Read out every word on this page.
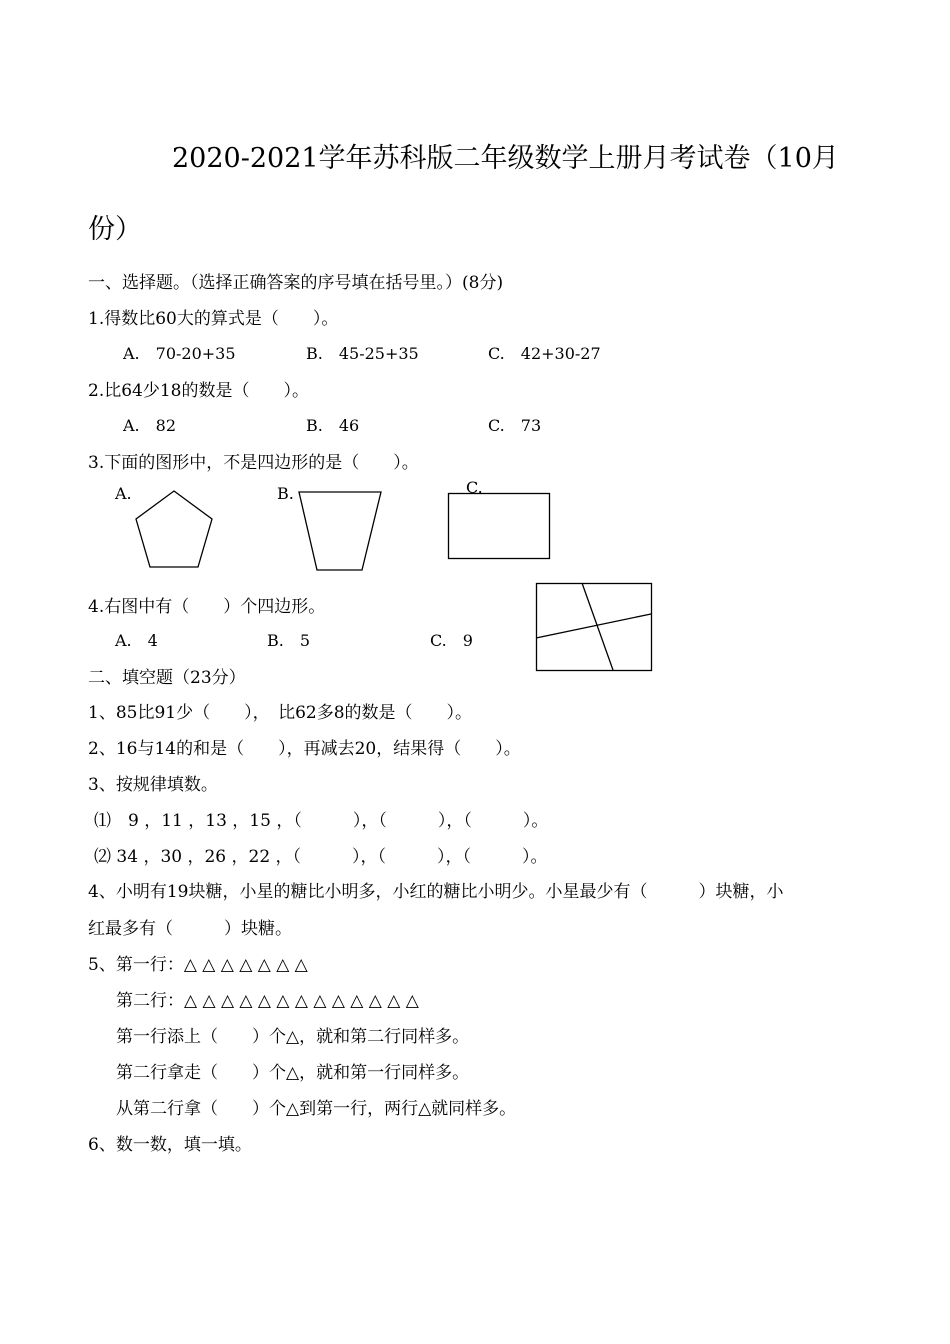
2020-2021学年苏科版二年级数学上册月考试卷（10月
份）
一、选择题。（选择正确答案的序号填在括号里。）(8分)
1.得数比60大的算式是（　　）。
A.　70-20+35	B.　45-25+35	C.　42+30-27
2.比64少18的数是（　　）。
A.　82	B.　46	C.　73
3.下面的图形中，不是四边形的是（　　）。
A.	B.	C.
4.右图中有（　　）个四边形。
A.　4	B.　5	C.　9
二、填空题（23分）
1、85比91少（　　），　比62多8的数是（　　）。
2、16与14的和是（　　），再减去20，结果得（　　）。
3、按规律填数。
⑴　9 ，11 ，13 ，15 ，（　　　），（　　　），（　　　）。
⑵ 34 ，30 ，26 ，22 ，（　　　），（　　　），（　　　）。
4、小明有19块糖，小星的糖比小明多，小红的糖比小明少。小星最少有（　　　）块糖，小
红最多有（　　　）块糖。
5、第一行：△ △ △ △ △ △ △
第二行：△ △ △ △ △ △ △ △ △ △ △ △ △
第一行添上（　　）个△，就和第二行同样多。
第二行拿走（　　）个△，就和第一行同样多。
从第二行拿（　　）个△到第一行，两行△就同样多。
6、数一数，填一填。
